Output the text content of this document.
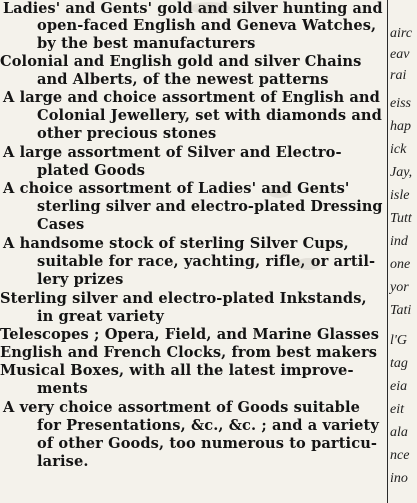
Ladies' and Gents' gold and silver hunting and
open-faced English and Geneva Watches,
by the best manufacturers
Colonial and English gold and silver Chains
and Alberts, of the newest patterns
A large and choice assortment of English and
Colonial Jewellery, set with diamonds and
other precious stones
A large assortment of Silver and Electro-
plated Goods
A choice assortment of Ladies' and Gents'
sterling silver and electro-plated Dressing
Cases
A handsome stock of sterling Silver Cups,
suitable for race, yachting, rifle, or artil-
lery prizes
Sterling silver and electro-plated Inkstands,
in great variety
Telescopes ; Opera, Field, and Marine Glasses
English and French Clocks, from best makers
Musical Boxes, with all the latest improve-
ments
A very choice assortment of Goods suitable
for Presentations, &c., &c. ; and a variety
of other Goods, too numerous to particu-
larise.
airc
eav
rai
eiss
hap
ick
Jay,
isle
Tutt
ind
one
yor
Tati
l'G
tag
eia
eit
ala
nce
ino
